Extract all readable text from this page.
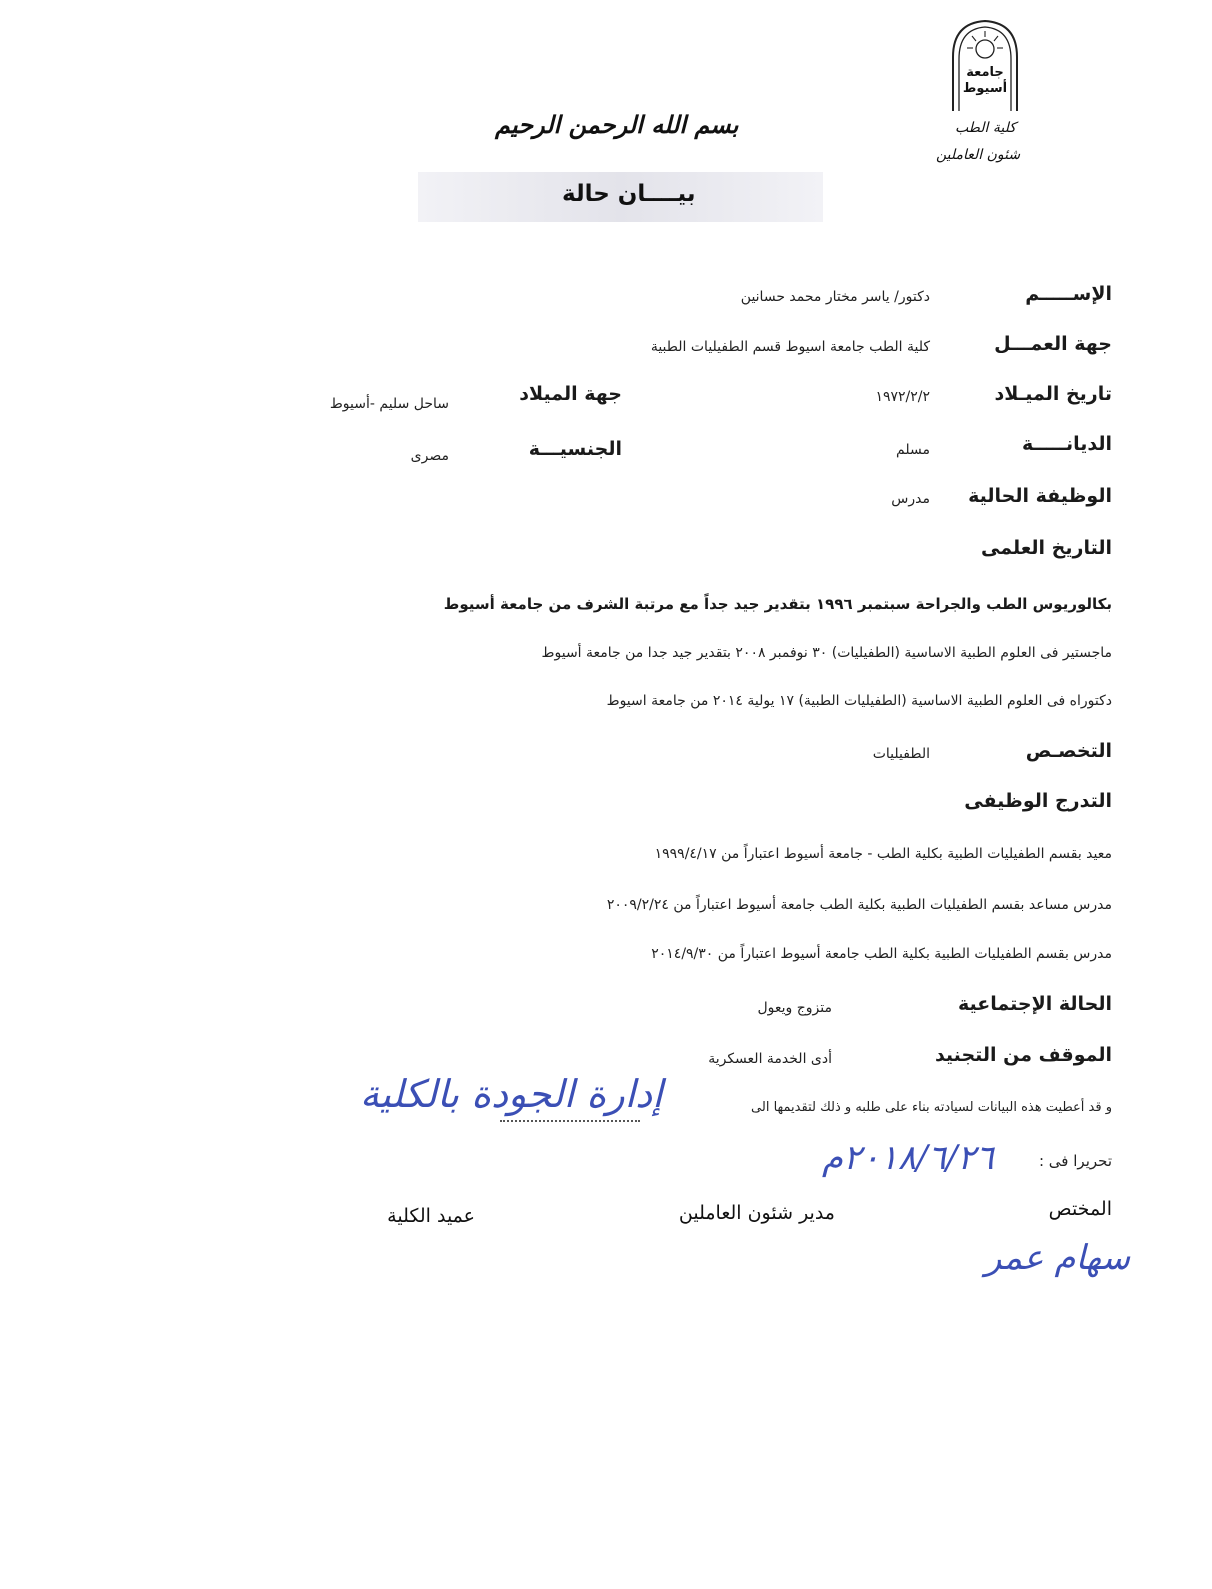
بسم الله الرحمن الرحيم
بيــــان حالة
جامعة أسيوط
كلية الطب
شئون العاملين
الإســـــم
دكتور/ ياسر مختار محمد حسانين
جهة العمـــل
كلية الطب جامعة اسيوط قسم الطفيليات الطبية
تاريخ الميـلاد
١٩٧٢/٢/٢
جهة الميلاد
ساحل سليم -أسيوط
الديانـــــة
مسلم
الجنسيـــة
مصرى
الوظيفة الحالية
مدرس
التاريخ العلمى
بكالوريوس الطب والجراحة سبتمبر ١٩٩٦ بتقدير جيد جداً مع مرتبة الشرف من جامعة أسيوط
ماجستير فى العلوم الطبية الاساسية (الطفيليات) ٣٠ نوفمبر ٢٠٠٨ بتقدير جيد جدا من جامعة أسيوط
دكتوراه فى العلوم الطبية الاساسية (الطفيليات الطبية) ١٧ يولية ٢٠١٤ من جامعة اسيوط
التخصـص
الطفيليات
التدرج الوظيفى
معيد بقسم الطفيليات الطبية بكلية الطب - جامعة أسيوط اعتباراً من ١٩٩٩/٤/١٧
مدرس مساعد بقسم الطفيليات الطبية بكلية الطب جامعة أسيوط اعتباراً من ٢٠٠٩/٢/٢٤
مدرس بقسم الطفيليات الطبية بكلية الطب جامعة أسيوط اعتباراً من ٢٠١٤/٩/٣٠
الحالة الإجتماعية
متزوج ويعول
الموقف من التجنيد
أدى الخدمة العسكرية
و قد أعطيت هذه البيانات لسيادته بناء على طلبه و ذلك لتقديمها الى
إدارة الجودة بالكلية
تحريرا فى :
٢٠١٨/٦/٢٦م
المختص
مدير شئون العاملين
عميد الكلية
سهام عمر
